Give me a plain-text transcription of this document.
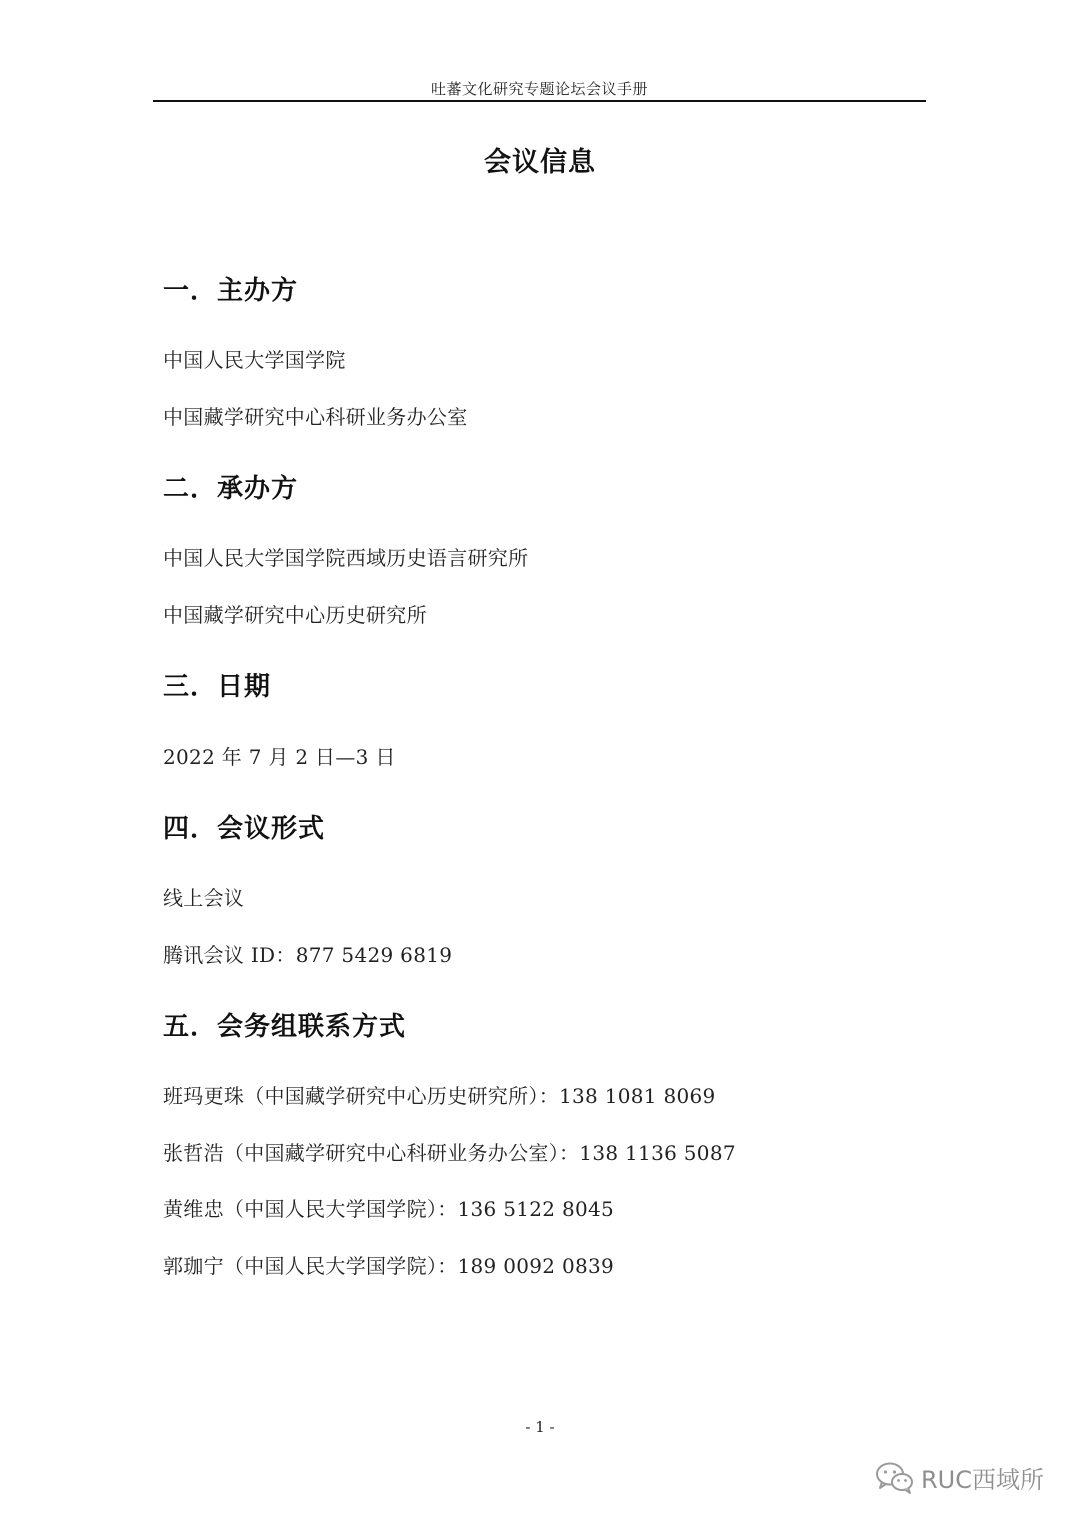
吐蕃文化研究专题论坛会议手册
会议信息
一．主办方
中国人民大学国学院
中国藏学研究中心科研业务办公室
二．承办方
中国人民大学国学院西域历史语言研究所
中国藏学研究中心历史研究所
三．日期
2022 年 7 月 2 日—3 日
四．会议形式
线上会议
腾讯会议 ID：877 5429 6819
五．会务组联系方式
班玛更珠（中国藏学研究中心历史研究所）：138 1081 8069
张哲浩（中国藏学研究中心科研业务办公室）：138 1136 5087
黄维忠（中国人民大学国学院）：136 5122 8045
郭珈宁（中国人民大学国学院）：189 0092 0839
- 1 -
RUC西域所
